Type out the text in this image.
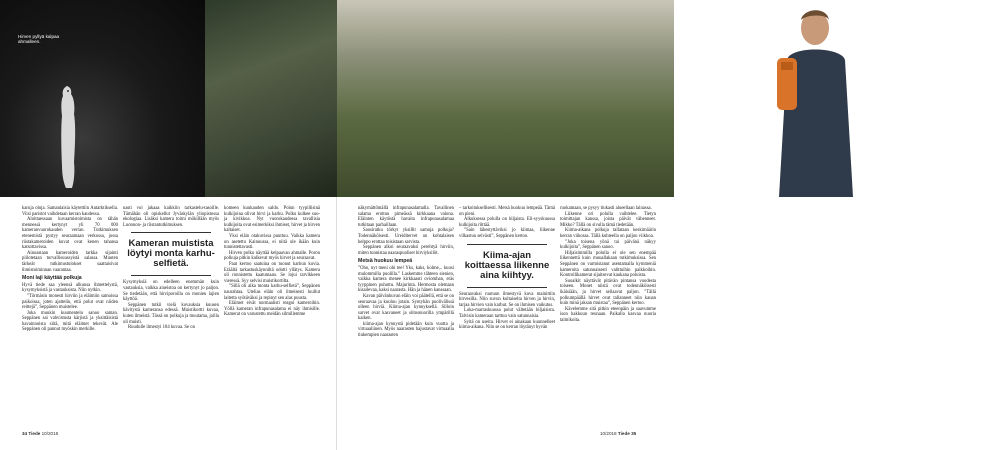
Hirven pyllyä kalpaa ahmalleen.

karuja oloja. Samanlaisia käytettiin Antarktiksella. Viisi paristot vaihdetaan kerran kaudessa.

Aloittaessaan kuvaamistoimista on tähän mennessä kertynyt yli 70 000 kameranvuorokauden verran. Tutkimuksen etenemistä pystyy seuraamaan verkossa, jossa riistakameroiden kuvat ovat kenen tahansa katsottavissa.

Ainoastaan kameroiden tarkka sijainti piilotetaan turvallisuussyistä salassa. Muuten tärkeät tutkimustulokset saattaisivat ihmistoiminnan vaarantaa.

Moni laji käyttää polkuja

Hyvä tiede saa yleensä alkunsa ihmettelystä, kysymyksistä ja vastauksista. Niin nytkin.

”Törmäsin monesti hirviin ja eläimiin samoissa paikoissa, joten ajattelin, että polut ovat niiden reittejä”, Seppänen muistelee.

Joka muukin kuumentelu sanoo saman. Seppänen sai vahvistusta kärjistä ja yksittäisistä havainnoista siitä, mitä eläimet tekevät. Ale Seppänen oli pannut myöskin merkille.

nasti voi jakaaa kaikkiin tarkastelu-tasoille. Tämähän oli opiskellut Jyväskylän yliopistossa ekologiaa. Lisäksi kamera toimi mökillään myös Luonnon- ja riistantutkimuksen.

Kameran muistista löytyi monta karhu-selfietä.

Kysymyksiä on edelleen enemmän kuin vastauksia, vaikka aineistoa on kertynyt jo paljon. Se tiedetään, että hirviporoilla on monien lajien käyttöä.

Seppänen tutkii vielä kuvauksia kuusen hävitystä kameransa edessä. Muistikortti kuvaa, kuten ilmeistä. Tässä on polkuja ja muutama, joilla oli muisti.

Ruudulle ilmestyi 184 kuvaa. Se on

komeen kuukauden saldo. Polun tyypillisinä kulkijoina olivat hirvi ja karhu. Polku kulkee suo- ja kivikkoa. Nyt vuorokaudessa tavallisia kulkijoita ovat esimerkiksi ihmiset, hirvet ja hirven kaltaiset.

Yksi eläin otakuvissa puuttuu. Vaikka kamera on asetettu Kainuussa, ei niitä ole ikään kuin tunnistettavasti.

Hirven polku näyttää kelpaavan ahmalle. Poron polkuja pitkin kulkevat myös hirvet ja seuraavat.

Paat kertoo saatuina on tuonut karhun kuvia. Eräältä tarkastuskäynniltä odotti yllätys. Kamera oli ronnistettu kaatumaan. Se lojui tarvikkeen vieressä. Syy selvisi muistikortilta.

”Sillä oli aika monta karhu-selfietä”, Seppänen naurahtaa. Utelias eläin oli ilmeisesti luullut laitetta syötäväksi ja repinyt sen alas puusta.

Eläimet eivät normaalisti reagoi kameroihin. Yöllä kameran infrapunasalama ei näy ihmisille. Kamerat on varustettu meidän silmillemme

34 Tiede 10/2018
Juhani Seppäsen riistakamera tulevat kulkureiteillä.

näkymättömällä infrapunasalamalla. Tavallinen salama erottuu pimeässä kirkkaana valona. Eläinten käytöstä havaita infrapunasalamaa tutkitaan parhaillaan.

Saosiratku törkyt yksillit samoja polkuja? Todennäköisesti. Ureiditervet on kohtalaisen helppo erottaa toisistaan sarvista.

Seppänen alkoi seuraavaksi perehtyä hirviin, miten tunnistaa naaraspuoliset hirviyksilöt.

Metsä huokuu lempeä

”Oho, nyt meni ohi tee! Yks, kaks, kolme,.. kuusi mulommilla puolilla.” Laskemme tähteen sienien, vaikka kamera menee kirkkaasti oviomhan, eräs tyyppinen puhuttu. Majurinta. Hermosta olemaan kisailevaa, kaksi naarasta. Hän ja hänen kanssaan.

Kavan päivänkuvan eläin voi päätellä, että se on seuraavaa ja kuuluu jotain. Syntyhän puolivälissä olleen hirviä. Kiima-ajan kynnyksellä. Silloin sarvet ovat kasvaneet ja siitosnuorilla ympärillä kaiken.

kiima-ajan kynnystä pidetään kuin vuotta ja virtuaaliinen. Myös naarasten hajustavat virtuaalia tiukempien naarasten

– tarkoituksellisesti. Metsä huokuu lempeää. Tämä on pieni.

Alkuksessa polulla on hiljaista. Eli-syyskuussa kulkijoita riittää.

”Sain lähestyttäviksi jo kiimaa, liikenne vilkastuu selvästi”, Seppänen kertoo.

Kiima-ajan koittaessa liikenne aina kiihtyy.

Seuraavaksi ruutuun ilmestyvä kuva mainittiin hirvesilla. Niin suvun kultaiselta hirven ja hirvin, tarjaa hirvien vain karhut. Se on ihmisen vaikutus.

Loka-marraskuussa polut vältetään hiljaisista. Talvisin kameraan tarttuu vain satunnaisia.

Syitä on useita. Hirvet ei ainakaan kuunnelleet kiima-aikana. Niin se on kerran löytänyt hyvän

ruokamaan, se pysyy tiukasti alueellaan lainassa.

Liikenne ori polulla vaihtelee. Tietyn toimittajan kanssa, joista päivät vähenneet. Mikko? Tällä on sivulla tämä tiedetään.

Kiima-aikana polkuja tallataan keskimäärin kerran viikossa. Tällä kohteella on paljon viikkoa.

”Joka toisena yönä tai päivänä näkyy kulkijoita”, Seppänen sanoo.

Hiljaisimmilla polulla ei ole sen enempää liikennettä kuin muuallakaan tutkimuksissa. Sen Seppänen on varmistanut asentamalla kymmeniä kameroita satunnaisesti valittuihin paikkoihin. Kontrollikamerat sijaitsevat kaukana poluista.

Suoalkit näyttävät pitävän pintansa vuodesta toiseen. Monet niistä ovat todennäköisesti ikäisiään, ja hirvet seilaavat paljon. ”Tällä polkumpäällä hirvet ovat tallanneet niin kauan kuin minä jaksan muistaa”, Seppänen kertoo.

Kävelemme sitä pitkin eteenpäin ja saavumme ison hakkuun reunaan. Paikalla kasvaa nuoria taimikoita.

10/2018 Tiede 35
